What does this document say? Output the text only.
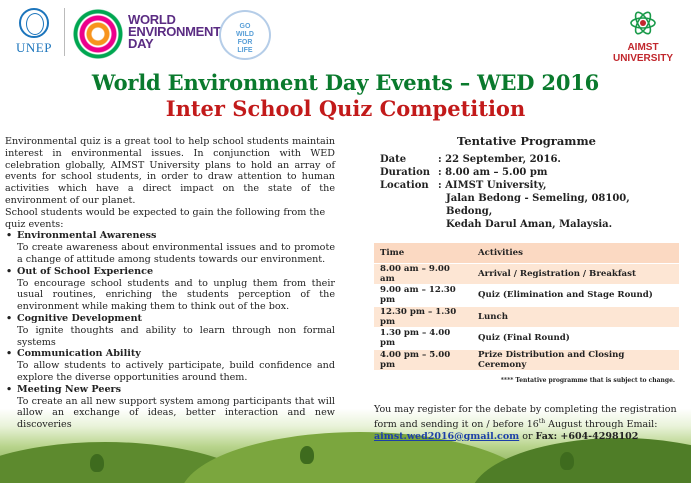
UNEP
WORLD
ENVIRONMENT
DAY
GO
WILD
FOR
LIFE	AIMST
UNIVERSITY
World Environment Day Events – WED 2016
Inter School Quiz Competition

Environmental quiz is a great tool to help school students maintain interest in environmental issues. In conjunction with WED celebration globally, AIMST University plans to hold an array of events for school students, in order to draw attention to human activities which have a direct impact on the state of the environment of our planet.

School students would be expected to gain the following from the quiz events:

• Environmental Awareness
To create awareness about environmental issues and to promote a change of attitude among students towards our environment.
• Out of School Experience
To encourage school students and to unplug them from their usual routines, enriching the students perception of the environment while making them to think out of the box.
• Cognitive Development
To ignite thoughts and ability to learn through non formal systems
• Communication Ability
To allow students to actively participate, build confidence and explore the diverse opportunities around them.
• Meeting New Peers
To create an all new support system among participants that will allow an exchange of ideas, better interaction and new discoveries
Tentative Programme
Date	: 22 September, 2016.
Duration : 8.00 am – 5.00 pm
Location : AIMST University,
Jalan Bedong - Semeling, 08100, Bedong,
Kedah Darul Aman, Malaysia.
Time	Activities
8.00 am – 9.00 am	Arrival / Registration / Breakfast
9.00 am – 12.30 pm	Quiz (Elimination and Stage Round)
12.30 pm – 1.30 pm	Lunch
1.30 pm – 4.00 pm	Quiz (Final Round)
4.00 pm – 5.00 pm	Prize Distribution and Closing Ceremony
**** Tentative programme that is subject to change.
You may register for the debate by completing the registration form and sending it on / before 16th August through Email:
aimst.wed2016@gmail.com or Fax: +604-4298102
